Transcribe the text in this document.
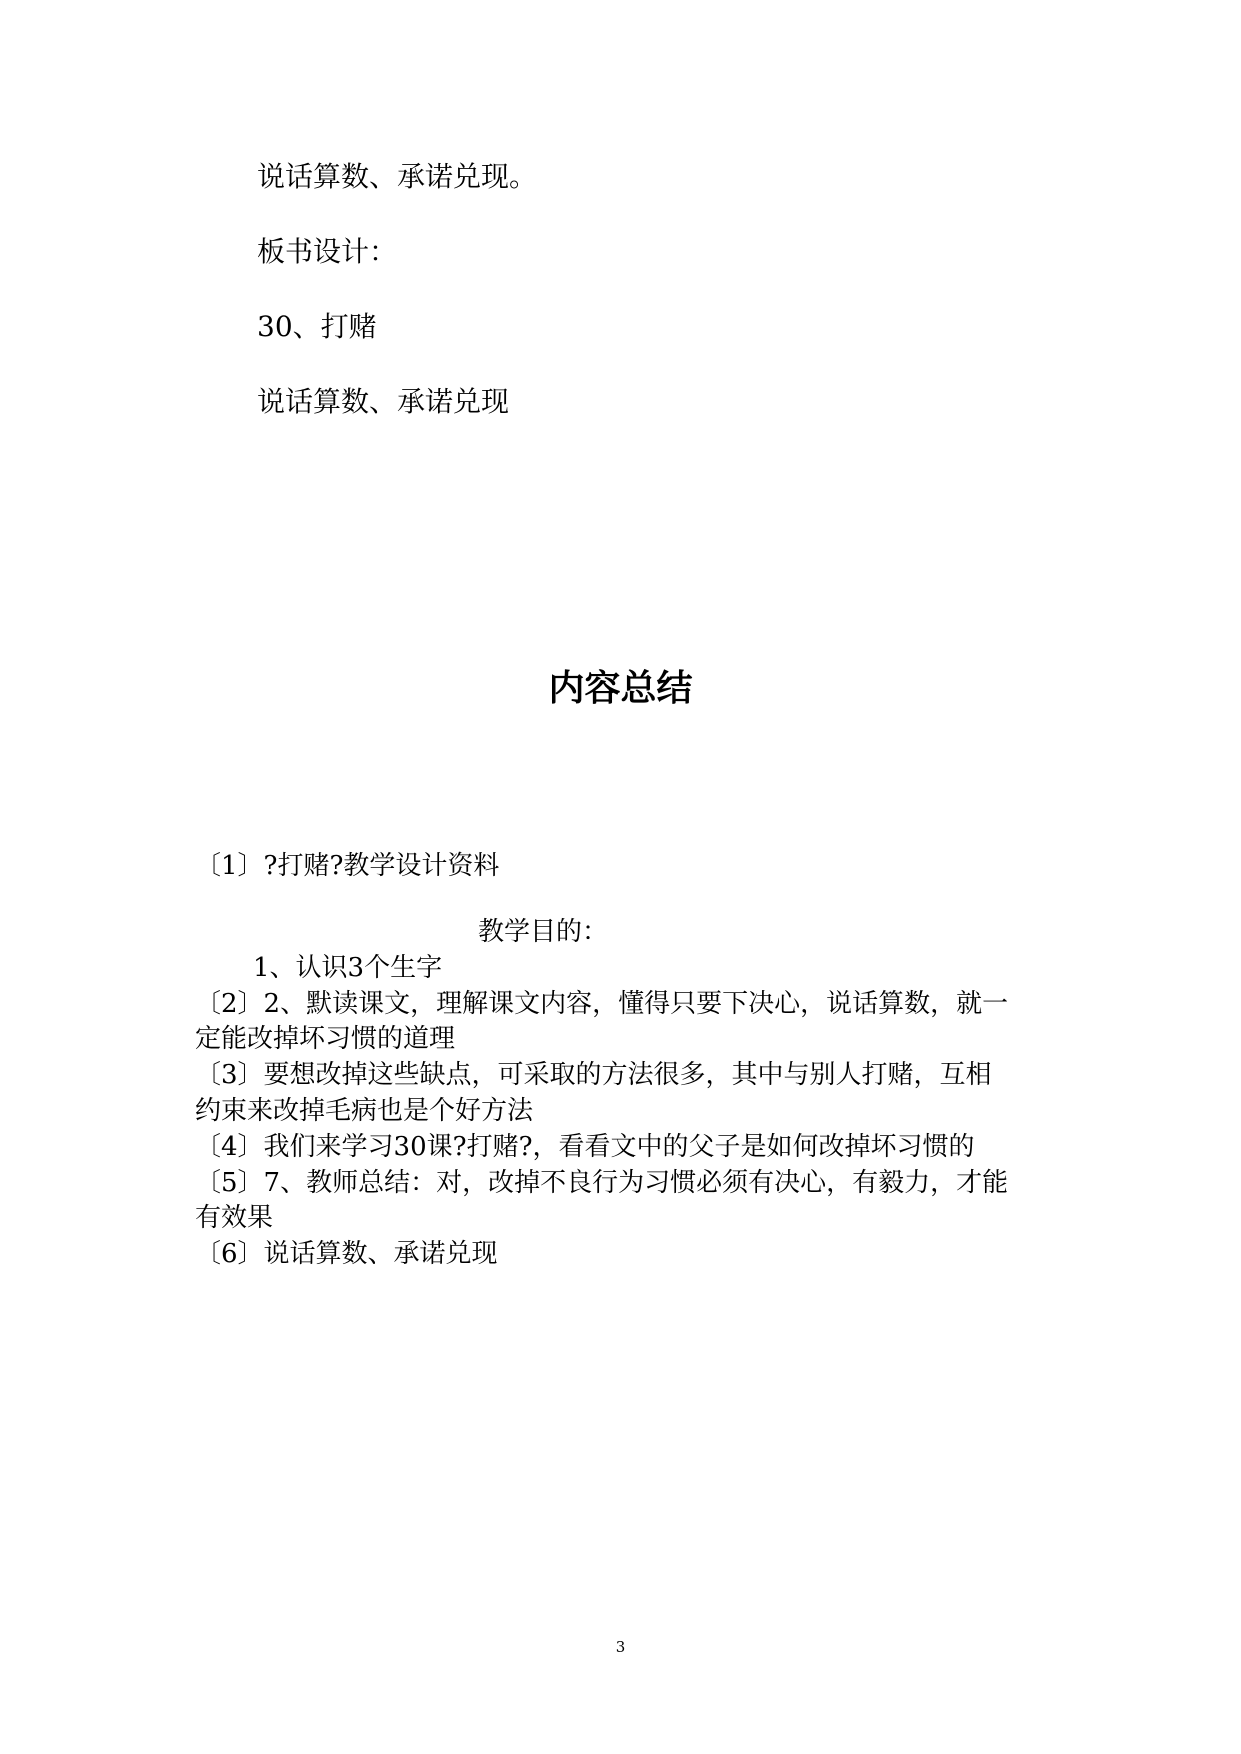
说话算数、承诺兑现。
板书设计：
30、打赌
说话算数、承诺兑现
内容总结
〔1〕?打赌?教学设计资料
教学目的：
1、认识3个生字
〔2〕2、默读课文，理解课文内容，懂得只要下决心，说话算数，就一
定能改掉坏习惯的道理
〔3〕要想改掉这些缺点，可采取的方法很多，其中与别人打赌，互相
约束来改掉毛病也是个好方法
〔4〕我们来学习30课?打赌?，看看文中的父子是如何改掉坏习惯的
〔5〕7、教师总结：对，改掉不良行为习惯必须有决心，有毅力，才能
有效果
〔6〕说话算数、承诺兑现
3
